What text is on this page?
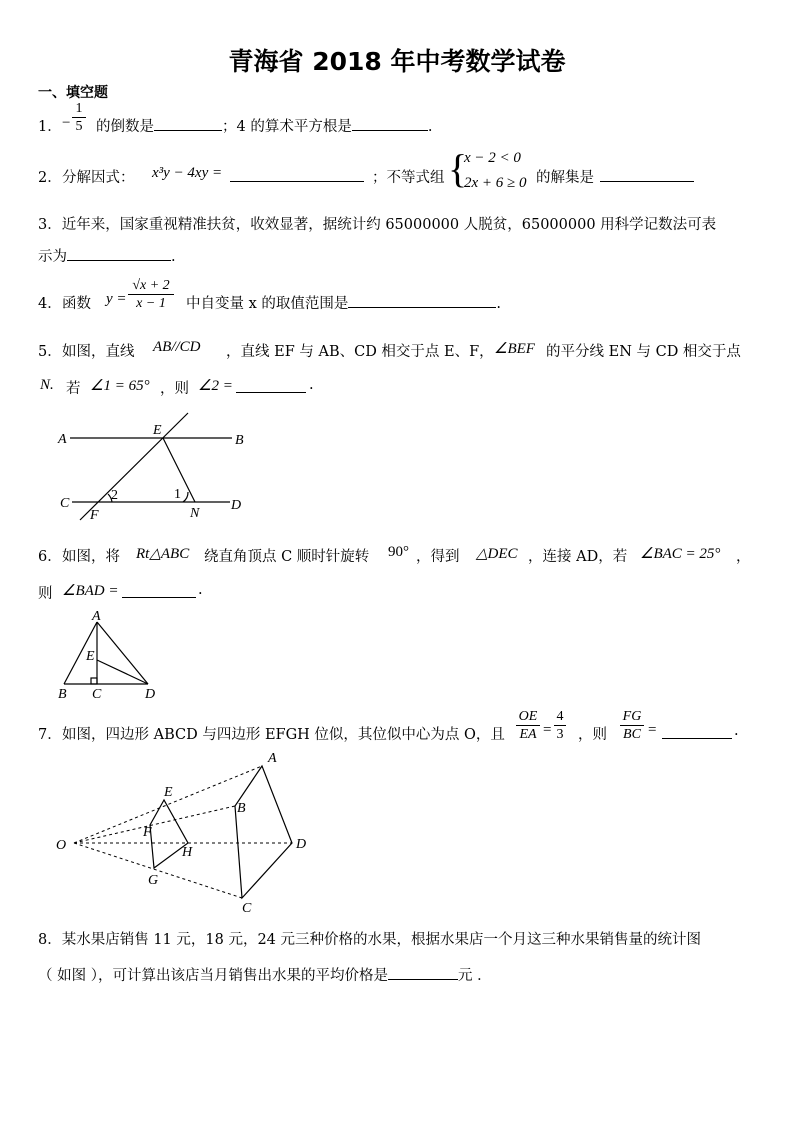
青海省 2018 年中考数学试卷
一、填空题
1． − $\frac{1}{5}$ 的倒数是	；4 的算术平方根是	.
2． 分解因式： x³y − 4xy =	；不等式组 {
x − 2 < 0
2x + 6 ≥ 0 的解集是
3．近年来，国家重视精准扶贫，收效显著，据统计约 65000000 人脱贫，65000000 用科学记数法可表
示为	.
4． 函数 $y = \frac{√x + 2}{x - 1}$ 中自变量 x 的取值范围是	.
5． 如图，直线 AB//CD ，直线 EF 与 AB、CD 相交于点 E、F， ∠BEF 的平分线 EN 与 CD 相交于点
N. 若 ∠1 = 65° ，则 ∠2 =	.
A	B
C	D
E
F	N
1
2
6． 如图，将 Rt△ABC 绕直角顶点 C 顺时针旋转 90° ，得到 △DEC ，连接 AD，若 ∠BAC = 25° ，
则 ∠BAD =	.
A
E
B C	D
7． 如图，四边形 ABCD 与四边形 EFGH 位似，其位似中心为点 O，且 $\frac{OE}{EA} = \frac{4}{3}$ ，则 $\frac{FG}{BC}$ =	.
O
A
B
C
D
E
F
G
H
8．某水果店销售 11 元，18 元，24 元三种价格的水果，根据水果店一个月这三种水果销售量的统计图
（ 如图 ），可计算出该店当月销售出水果的平均价格是	元 ．
